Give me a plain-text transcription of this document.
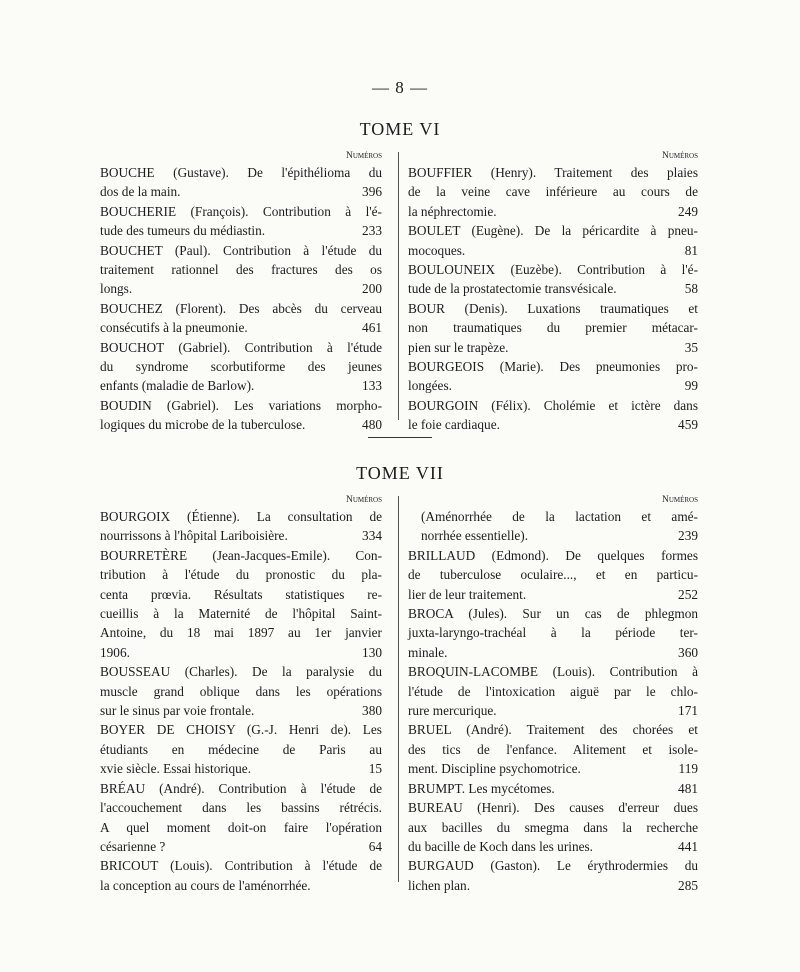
— 8 —
TOME VI
Numéros
BOUCHE (Gustave). De l'épithélioma du
396
dos de la main.
BOUCHERIE (François). Contribution à l'é-
233
tude des tumeurs du médiastin.
BOUCHET (Paul). Contribution à l'étude du
traitement rationnel des fractures des os
200
longs.
BOUCHEZ (Florent). Des abcès du cerveau
461
consécutifs à la pneumonie.
BOUCHOT (Gabriel). Contribution à l'étude
du syndrome scorbutiforme des jeunes
133
enfants (maladie de Barlow).
BOUDIN (Gabriel). Les variations morpho-
480
logiques du microbe de la tuberculose.
Numéros
BOUFFIER (Henry). Traitement des plaies
de la veine cave inférieure au cours de
249
la néphrectomie.
BOULET (Eugène). De la péricardite à pneu-
81
mocoques.
BOULOUNEIX (Euzèbe). Contribution à l'é-
58
tude de la prostatectomie transvésicale.
BOUR (Denis). Luxations traumatiques et
non traumatiques du premier métacar-
35
pien sur le trapèze.
BOURGEOIS (Marie). Des pneumonies pro-
99
longées.
BOURGOIN (Félix). Cholémie et ictère dans
459
le foie cardiaque.
TOME VII
Numéros
BOURGOIX (Étienne). La consultation de
334
nourrissons à l'hôpital Lariboisière.
BOURRETÈRE (Jean-Jacques-Emile). Con-
tribution à l'étude du pronostic du pla-
centa prœvia. Résultats statistiques re-
cueillis à la Maternité de l'hôpital Saint-
Antoine, du 18 mai 1897 au 1er janvier
130
1906.
BOUSSEAU (Charles). De la paralysie du
muscle grand oblique dans les opérations
380
sur le sinus par voie frontale.
BOYER DE CHOISY (G.-J. Henri de). Les
étudiants en médecine de Paris au
15
xvie siècle. Essai historique.
BRÉAU (André). Contribution à l'étude de
l'accouchement dans les bassins rétrécis.
A quel moment doit-on faire l'opération
64
césarienne ?
BRICOUT (Louis). Contribution à l'étude de
la conception au cours de l'aménorrhée.
Numéros
(Aménorrhée de la lactation et amé-
239
norrhée essentielle).
BRILLAUD (Edmond). De quelques formes
de tuberculose oculaire..., et en particu-
252
lier de leur traitement.
BROCA (Jules). Sur un cas de phlegmon
juxta-laryngo-trachéal à la période ter-
360
minale.
BROQUIN-LACOMBE (Louis). Contribution à
l'étude de l'intoxication aiguë par le chlo-
171
rure mercurique.
BRUEL (André). Traitement des chorées et
des tics de l'enfance. Alitement et isole-
119
ment. Discipline psychomotrice.
481
BRUMPT. Les mycétomes.
BUREAU (Henri). Des causes d'erreur dues
aux bacilles du smegma dans la recherche
441
du bacille de Koch dans les urines.
BURGAUD (Gaston). Le érythrodermies du
285
lichen plan.
